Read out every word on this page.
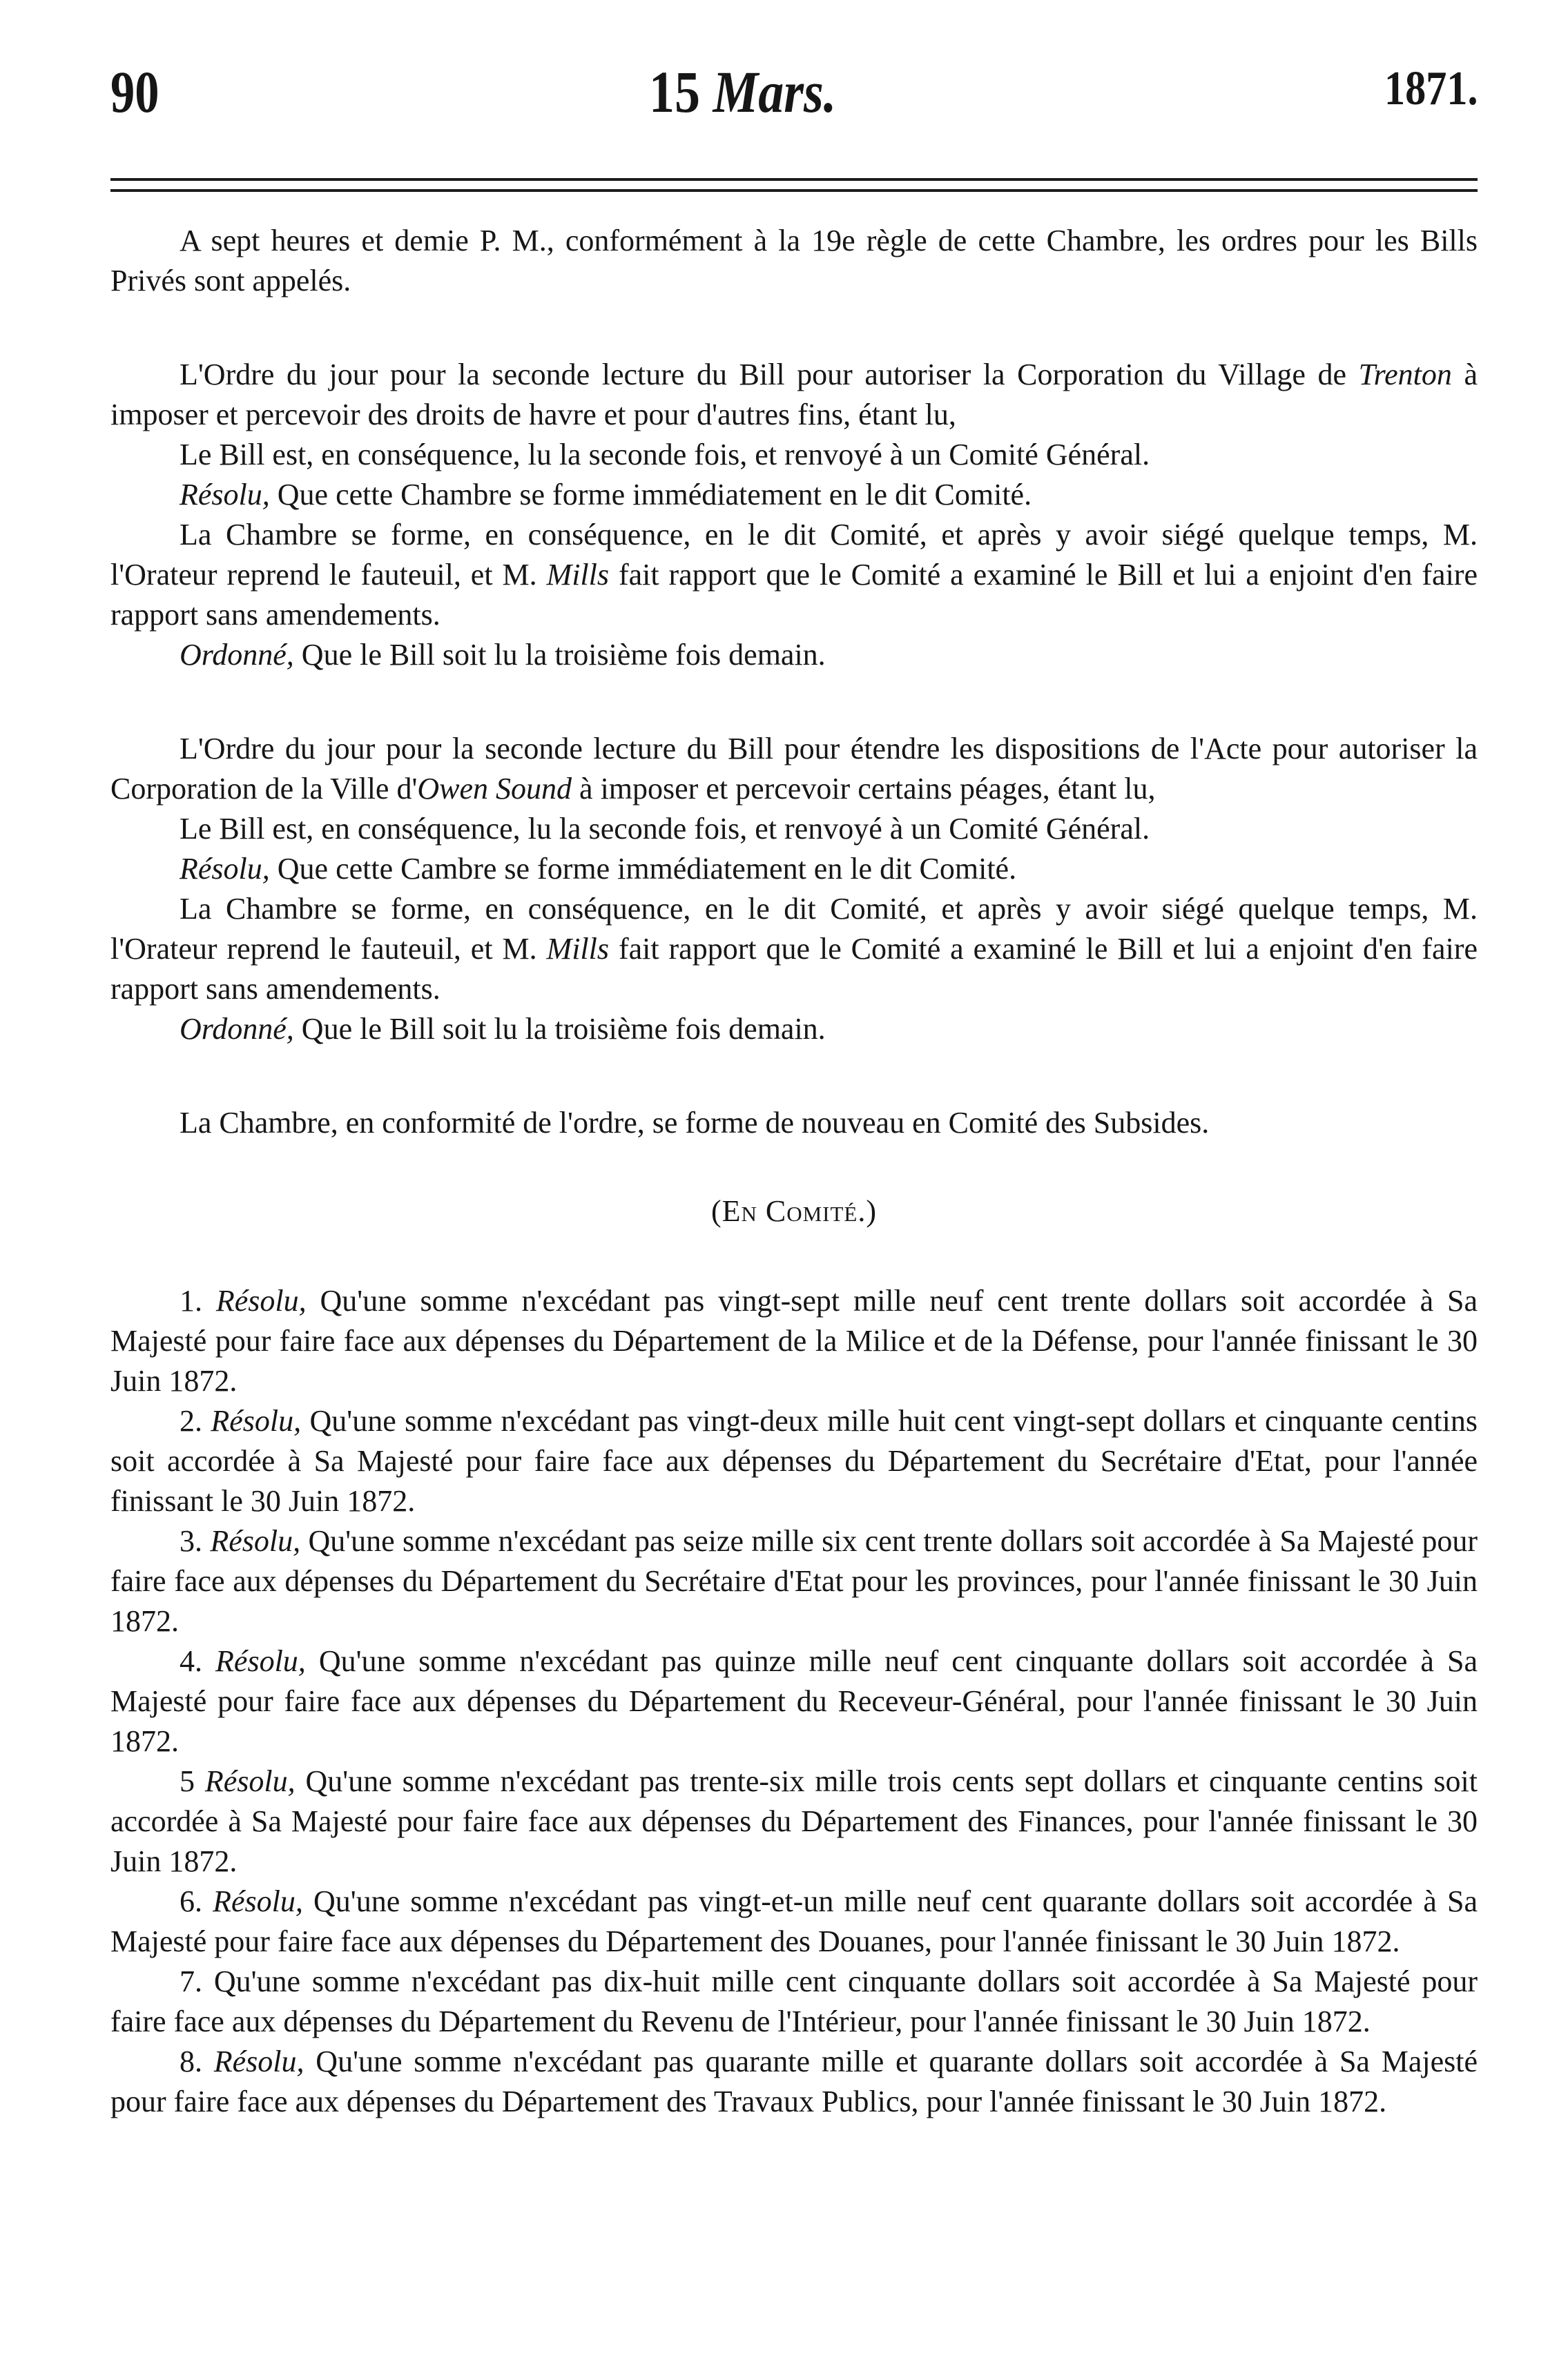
90	15 Mars.	1871.

A sept heures et demie P. M., conformément à la 19e règle de cette Chambre, les ordres pour les Bills Privés sont appelés.

L'Ordre du jour pour la seconde lecture du Bill pour autoriser la Corporation du Village de Trenton à imposer et percevoir des droits de havre et pour d'autres fins, étant lu,

Le Bill est, en conséquence, lu la seconde fois, et renvoyé à un Comité Général.

Résolu, Que cette Chambre se forme immédiatement en le dit Comité.

La Chambre se forme, en conséquence, en le dit Comité, et après y avoir siégé quelque temps, M. l'Orateur reprend le fauteuil, et M. Mills fait rapport que le Comité a examiné le Bill et lui a enjoint d'en faire rapport sans amendements.

Ordonné, Que le Bill soit lu la troisième fois demain.

L'Ordre du jour pour la seconde lecture du Bill pour étendre les dispositions de l'Acte pour autoriser la Corporation de la Ville d'Owen Sound à imposer et percevoir certains péages, étant lu,

Le Bill est, en conséquence, lu la seconde fois, et renvoyé à un Comité Général.

Résolu, Que cette Cambre se forme immédiatement en le dit Comité.

La Chambre se forme, en conséquence, en le dit Comité, et après y avoir siégé quelque temps, M. l'Orateur reprend le fauteuil, et M. Mills fait rapport que le Comité a examiné le Bill et lui a enjoint d'en faire rapport sans amendements.

Ordonné, Que le Bill soit lu la troisième fois demain.

La Chambre, en conformité de l'ordre, se forme de nouveau en Comité des Subsides.

(En Comité.)

1. Résolu, Qu'une somme n'excédant pas vingt-sept mille neuf cent trente dollars soit accordée à Sa Majesté pour faire face aux dépenses du Département de la Milice et de la Défense, pour l'année finissant le 30 Juin 1872.

2. Résolu, Qu'une somme n'excédant pas vingt-deux mille huit cent vingt-sept dollars et cinquante centins soit accordée à Sa Majesté pour faire face aux dépenses du Département du Secrétaire d'Etat, pour l'année finissant le 30 Juin 1872.

3. Résolu, Qu'une somme n'excédant pas seize mille six cent trente dollars soit accordée à Sa Majesté pour faire face aux dépenses du Département du Secrétaire d'Etat pour les provinces, pour l'année finissant le 30 Juin 1872.

4. Résolu, Qu'une somme n'excédant pas quinze mille neuf cent cinquante dollars soit accordée à Sa Majesté pour faire face aux dépenses du Département du Receveur-Général, pour l'année finissant le 30 Juin 1872.

5 Résolu, Qu'une somme n'excédant pas trente-six mille trois cents sept dollars et cinquante centins soit accordée à Sa Majesté pour faire face aux dépenses du Département des Finances, pour l'année finissant le 30 Juin 1872.

6. Résolu, Qu'une somme n'excédant pas vingt-et-un mille neuf cent quarante dollars soit accordée à Sa Majesté pour faire face aux dépenses du Département des Douanes, pour l'année finissant le 30 Juin 1872.

7. Qu'une somme n'excédant pas dix-huit mille cent cinquante dollars soit accordée à Sa Majesté pour faire face aux dépenses du Département du Revenu de l'Intérieur, pour l'année finissant le 30 Juin 1872.

8. Résolu, Qu'une somme n'excédant pas quarante mille et quarante dollars soit accordée à Sa Majesté pour faire face aux dépenses du Département des Travaux Publics, pour l'année finissant le 30 Juin 1872.
